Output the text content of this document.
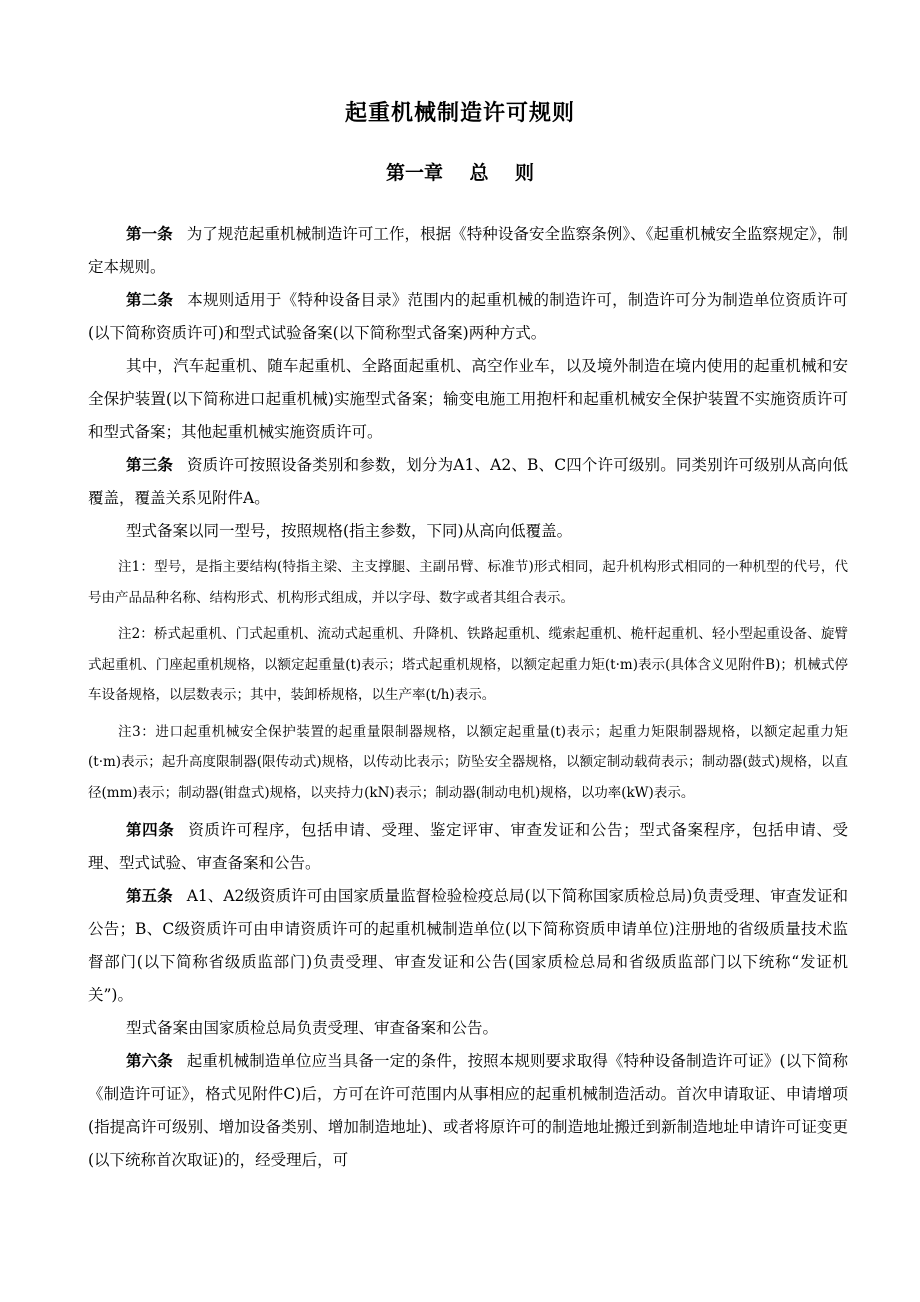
起重机械制造许可规则
第一章    总    则

第一条 为了规范起重机械制造许可工作，根据《特种设备安全监察条例》、《起重机械安全监察规定》，制定本规则。

第二条 本规则适用于《特种设备目录》范围内的起重机械的制造许可，制造许可分为制造单位资质许可(以下简称资质许可)和型式试验备案(以下简称型式备案)两种方式。

其中，汽车起重机、随车起重机、全路面起重机、高空作业车，以及境外制造在境内使用的起重机械和安全保护装置(以下简称进口起重机械)实施型式备案；输变电施工用抱杆和起重机械安全保护装置不实施资质许可和型式备案；其他起重机械实施资质许可。

第三条 资质许可按照设备类别和参数，划分为A1、A2、B、C四个许可级别。同类别许可级别从高向低覆盖，覆盖关系见附件A。

型式备案以同一型号，按照规格(指主参数，下同)从高向低覆盖。

注1：型号，是指主要结构(特指主梁、主支撑腿、主副吊臂、标准节)形式相同，起升机构形式相同的一种机型的代号，代号由产品品种名称、结构形式、机构形式组成，并以字母、数字或者其组合表示。

注2：桥式起重机、门式起重机、流动式起重机、升降机、铁路起重机、缆索起重机、桅杆起重机、轻小型起重设备、旋臂式起重机、门座起重机规格，以额定起重量(t)表示；塔式起重机规格，以额定起重力矩(t·m)表示(具体含义见附件B)；机械式停车设备规格，以层数表示；其中，装卸桥规格，以生产率(t/h)表示。

注3：进口起重机械安全保护装置的起重量限制器规格，以额定起重量(t)表示；起重力矩限制器规格，以额定起重力矩(t·m)表示；起升高度限制器(限传动式)规格，以传动比表示；防坠安全器规格，以额定制动载荷表示；制动器(鼓式)规格，以直径(mm)表示；制动器(钳盘式)规格，以夹持力(kN)表示；制动器(制动电机)规格，以功率(kW)表示。

第四条 资质许可程序，包括申请、受理、鉴定评审、审查发证和公告；型式备案程序，包括申请、受理、型式试验、审查备案和公告。

第五条 A1、A2级资质许可由国家质量监督检验检疫总局(以下简称国家质检总局)负责受理、审查发证和公告；B、C级资质许可由申请资质许可的起重机械制造单位(以下简称资质申请单位)注册地的省级质量技术监督部门(以下简称省级质监部门)负责受理、审查发证和公告(国家质检总局和省级质监部门以下统称“发证机关”)。

型式备案由国家质检总局负责受理、审查备案和公告。

第六条 起重机械制造单位应当具备一定的条件，按照本规则要求取得《特种设备制造许可证》(以下简称《制造许可证》，格式见附件C)后，方可在许可范围内从事相应的起重机械制造活动。首次申请取证、申请增项(指提高许可级别、增加设备类别、增加制造地址)、或者将原许可的制造地址搬迁到新制造地址申请许可证变更(以下统称首次取证)的，经受理后，可
